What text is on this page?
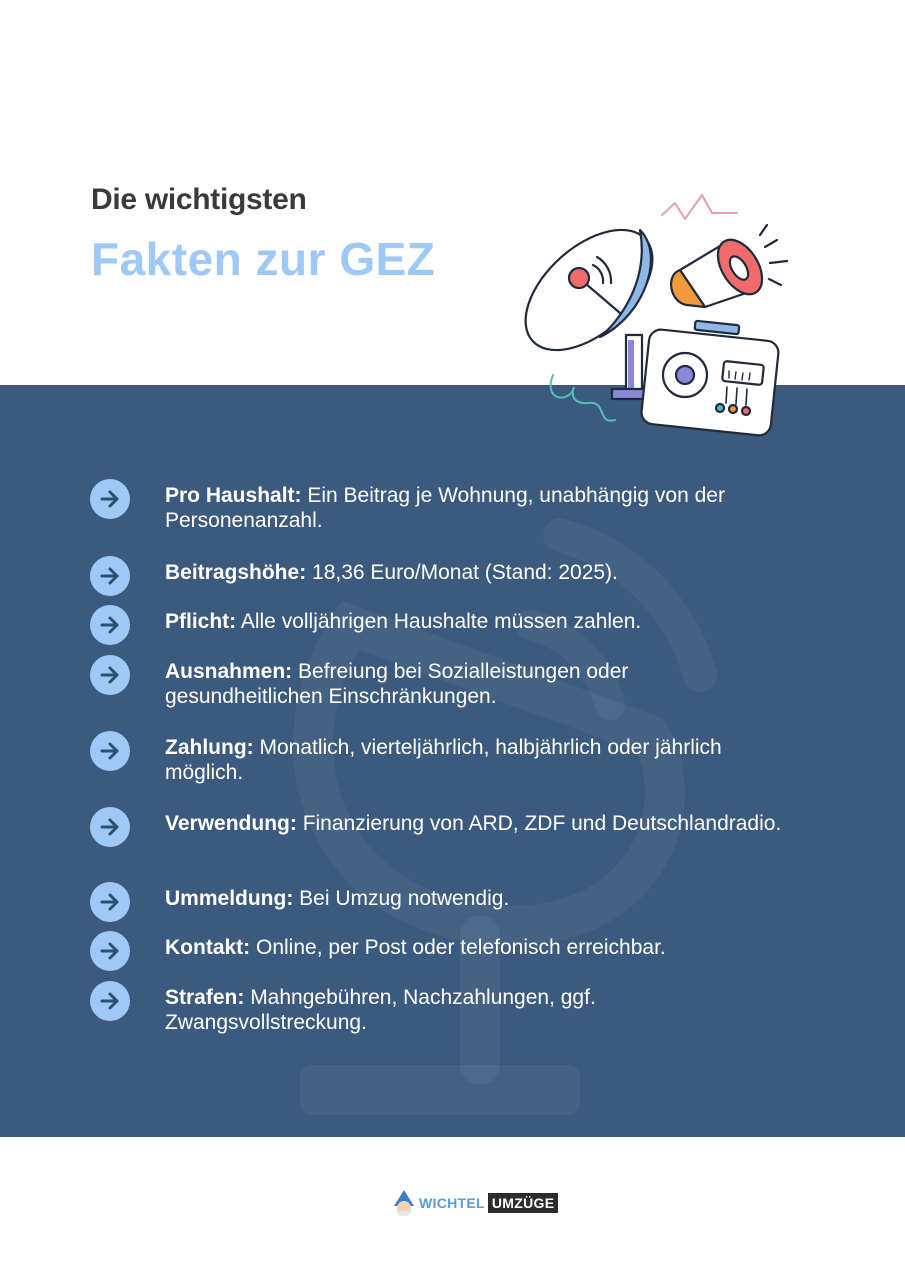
Die wichtigsten
Fakten zur GEZ
Pro Haushalt: Ein Beitrag je Wohnung, unabhängig von der Personenanzahl.
Beitragshöhe: 18,36 Euro/Monat (Stand: 2025).
Pflicht: Alle volljährigen Haushalte müssen zahlen.
Ausnahmen: Befreiung bei Sozialleistungen oder gesundheitlichen Einschränkungen.
Zahlung: Monatlich, vierteljährlich, halbjährlich oder jährlich möglich.
Verwendung: Finanzierung von ARD, ZDF und Deutschlandradio.
Ummeldung: Bei Umzug notwendig.
Kontakt: Online, per Post oder telefonisch erreichbar.
Strafen: Mahngebühren, Nachzahlungen, ggf. Zwangsvollstreckung.
WICHTEL UMZÜGE
